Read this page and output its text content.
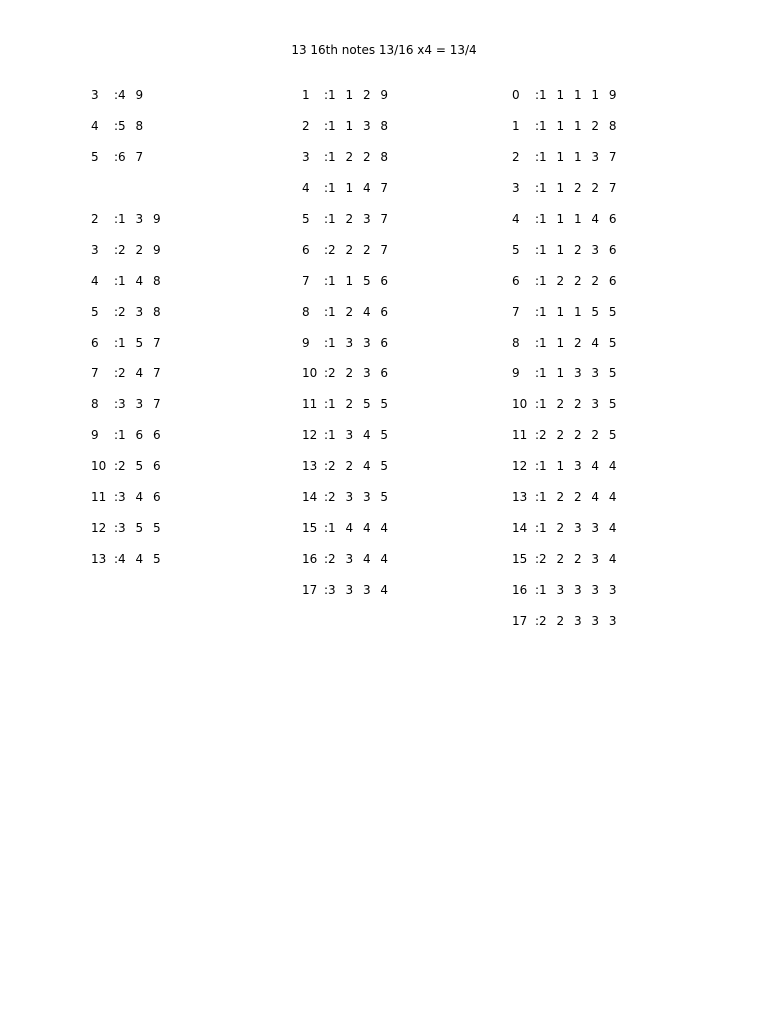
13 16th notes 13/16 x4 = 13/4
3 :4 9
4 :5 8
5 :6 7
2 :1 3 9
3 :2 2 9
4 :1 4 8
5 :2 3 8
6 :1 5 7
7 :2 4 7
8 :3 3 7
9 :1 6 6
10 :2 5 6
11 :3 4 6
12 :3 5 5
13 :4 4 5
1 :1 1 2 9
2 :1 1 3 8
3 :1 2 2 8
4 :1 1 4 7
5 :1 2 3 7
6 :2 2 2 7
7 :1 1 5 6
8 :1 2 4 6
9 :1 3 3 6
10 :2 2 3 6
11 :1 2 5 5
12 :1 3 4 5
13 :2 2 4 5
14 :2 3 3 5
15 :1 4 4 4
16 :2 3 4 4
17 :3 3 3 4
0 :1 1 1 1 9
1 :1 1 1 2 8
2 :1 1 1 3 7
3 :1 1 2 2 7
4 :1 1 1 4 6
5 :1 1 2 3 6
6 :1 2 2 2 6
7 :1 1 1 5 5
8 :1 1 2 4 5
9 :1 1 3 3 5
10 :1 2 2 3 5
11 :2 2 2 2 5
12 :1 1 3 4 4
13 :1 2 2 4 4
14 :1 2 3 3 4
15 :2 2 2 3 4
16 :1 3 3 3 3
17 :2 2 3 3 3
